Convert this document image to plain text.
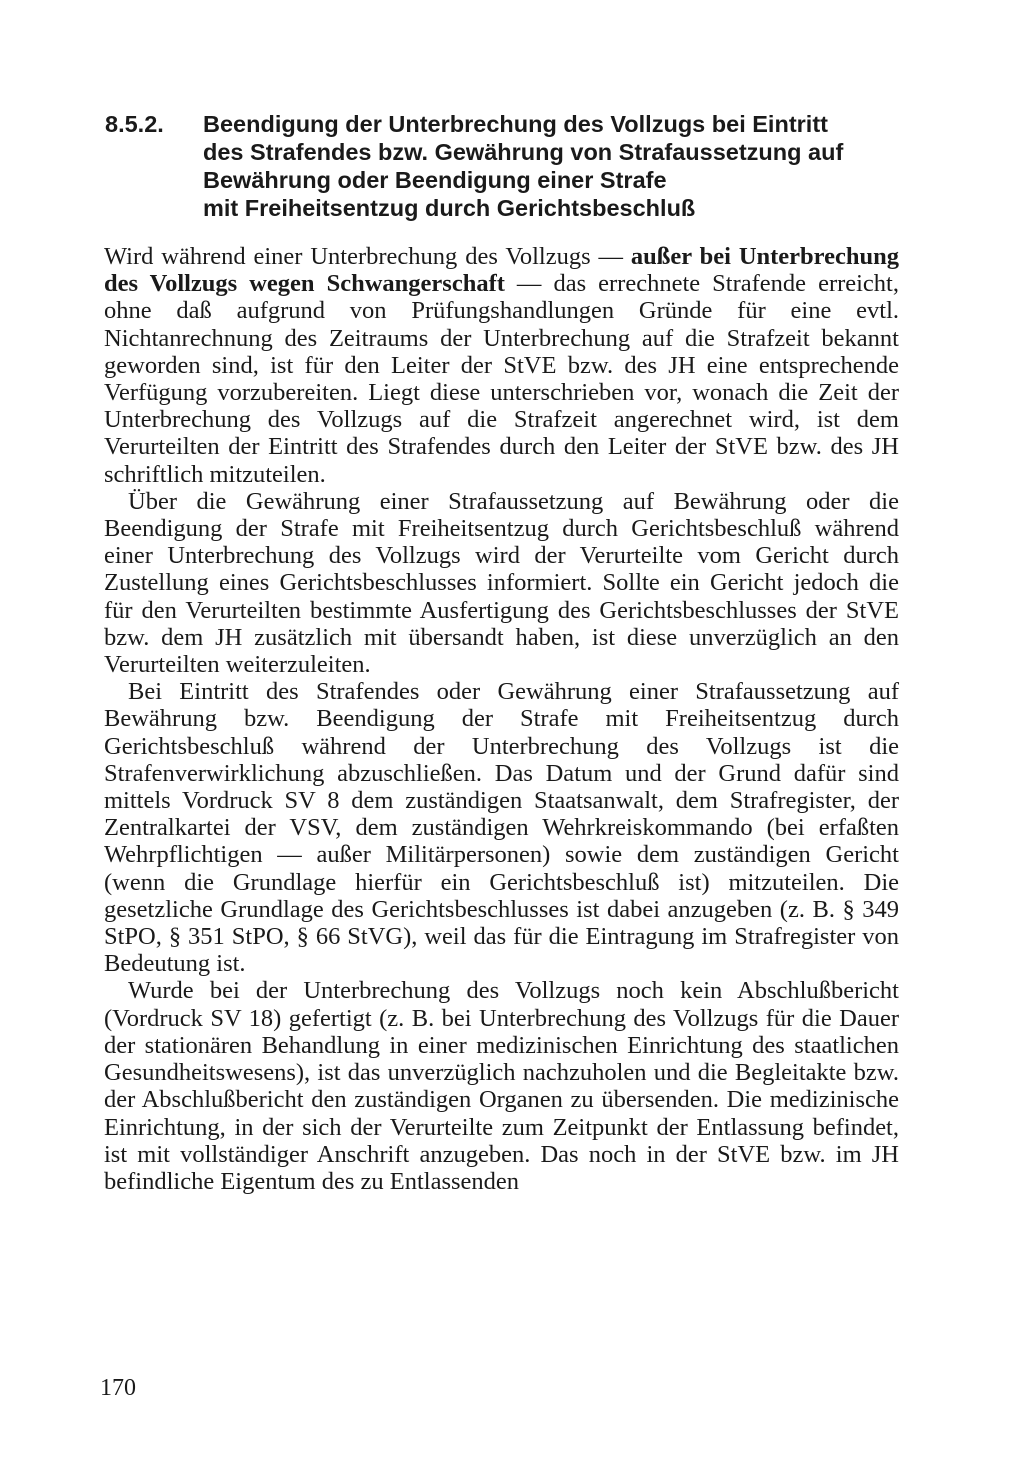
8.5.2.	Beendigung der Unterbrechung des Vollzugs bei Eintritt
des Strafendes bzw. Gewährung von Strafaussetzung auf
Bewährung oder Beendigung einer Strafe
mit Freiheitsentzug durch Gerichtsbeschluß

Wird während einer Unterbrechung des Vollzugs — außer bei Unterbrechung des Vollzugs wegen Schwangerschaft — das errechnete Strafende erreicht, ohne daß aufgrund von Prüfungshandlungen Gründe für eine evtl. Nichtanrechnung des Zeitraums der Unterbrechung auf die Strafzeit bekannt geworden sind, ist für den Leiter der StVE bzw. des JH eine entsprechende Verfügung vorzubereiten. Liegt diese unterschrieben vor, wonach die Zeit der Unterbrechung des Vollzugs auf die Strafzeit angerechnet wird, ist dem Verurteilten der Eintritt des Strafendes durch den Leiter der StVE bzw. des JH schriftlich mitzuteilen.

Über die Gewährung einer Strafaussetzung auf Bewährung oder die Beendigung der Strafe mit Freiheitsentzug durch Gerichtsbeschluß während einer Unterbrechung des Vollzugs wird der Verurteilte vom Gericht durch Zustellung eines Gerichtsbeschlusses informiert. Sollte ein Gericht jedoch die für den Verurteilten bestimmte Ausfertigung des Gerichtsbeschlusses der StVE bzw. dem JH zusätzlich mit übersandt haben, ist diese unverzüglich an den Verurteilten weiterzuleiten.

Bei Eintritt des Strafendes oder Gewährung einer Strafaussetzung auf Bewährung bzw. Beendigung der Strafe mit Freiheitsentzug durch Gerichtsbeschluß während der Unterbrechung des Vollzugs ist die Strafenverwirklichung abzuschließen. Das Datum und der Grund dafür sind mittels Vordruck SV 8 dem zuständigen Staatsanwalt, dem Strafregister, der Zentralkartei der VSV, dem zuständigen Wehrkreiskommando (bei erfaßten Wehrpflichtigen — außer Militärpersonen) sowie dem zuständigen Gericht (wenn die Grundlage hierfür ein Gerichtsbeschluß ist) mitzuteilen. Die gesetzliche Grundlage des Gerichtsbeschlusses ist dabei anzugeben (z. B. § 349 StPO, § 351 StPO, § 66 StVG), weil das für die Eintragung im Strafregister von Bedeutung ist.

Wurde bei der Unterbrechung des Vollzugs noch kein Abschlußbericht (Vordruck SV 18) gefertigt (z. B. bei Unterbrechung des Vollzugs für die Dauer der stationären Behandlung in einer medizinischen Einrichtung des staatlichen Gesundheitswesens), ist das unverzüglich nachzuholen und die Begleitakte bzw. der Abschlußbericht den zuständigen Organen zu übersenden. Die medizinische Einrichtung, in der sich der Verurteilte zum Zeitpunkt der Entlassung befindet, ist mit vollständiger Anschrift anzugeben. Das noch in der StVE bzw. im JH befindliche Eigentum des zu Entlassenden

170
